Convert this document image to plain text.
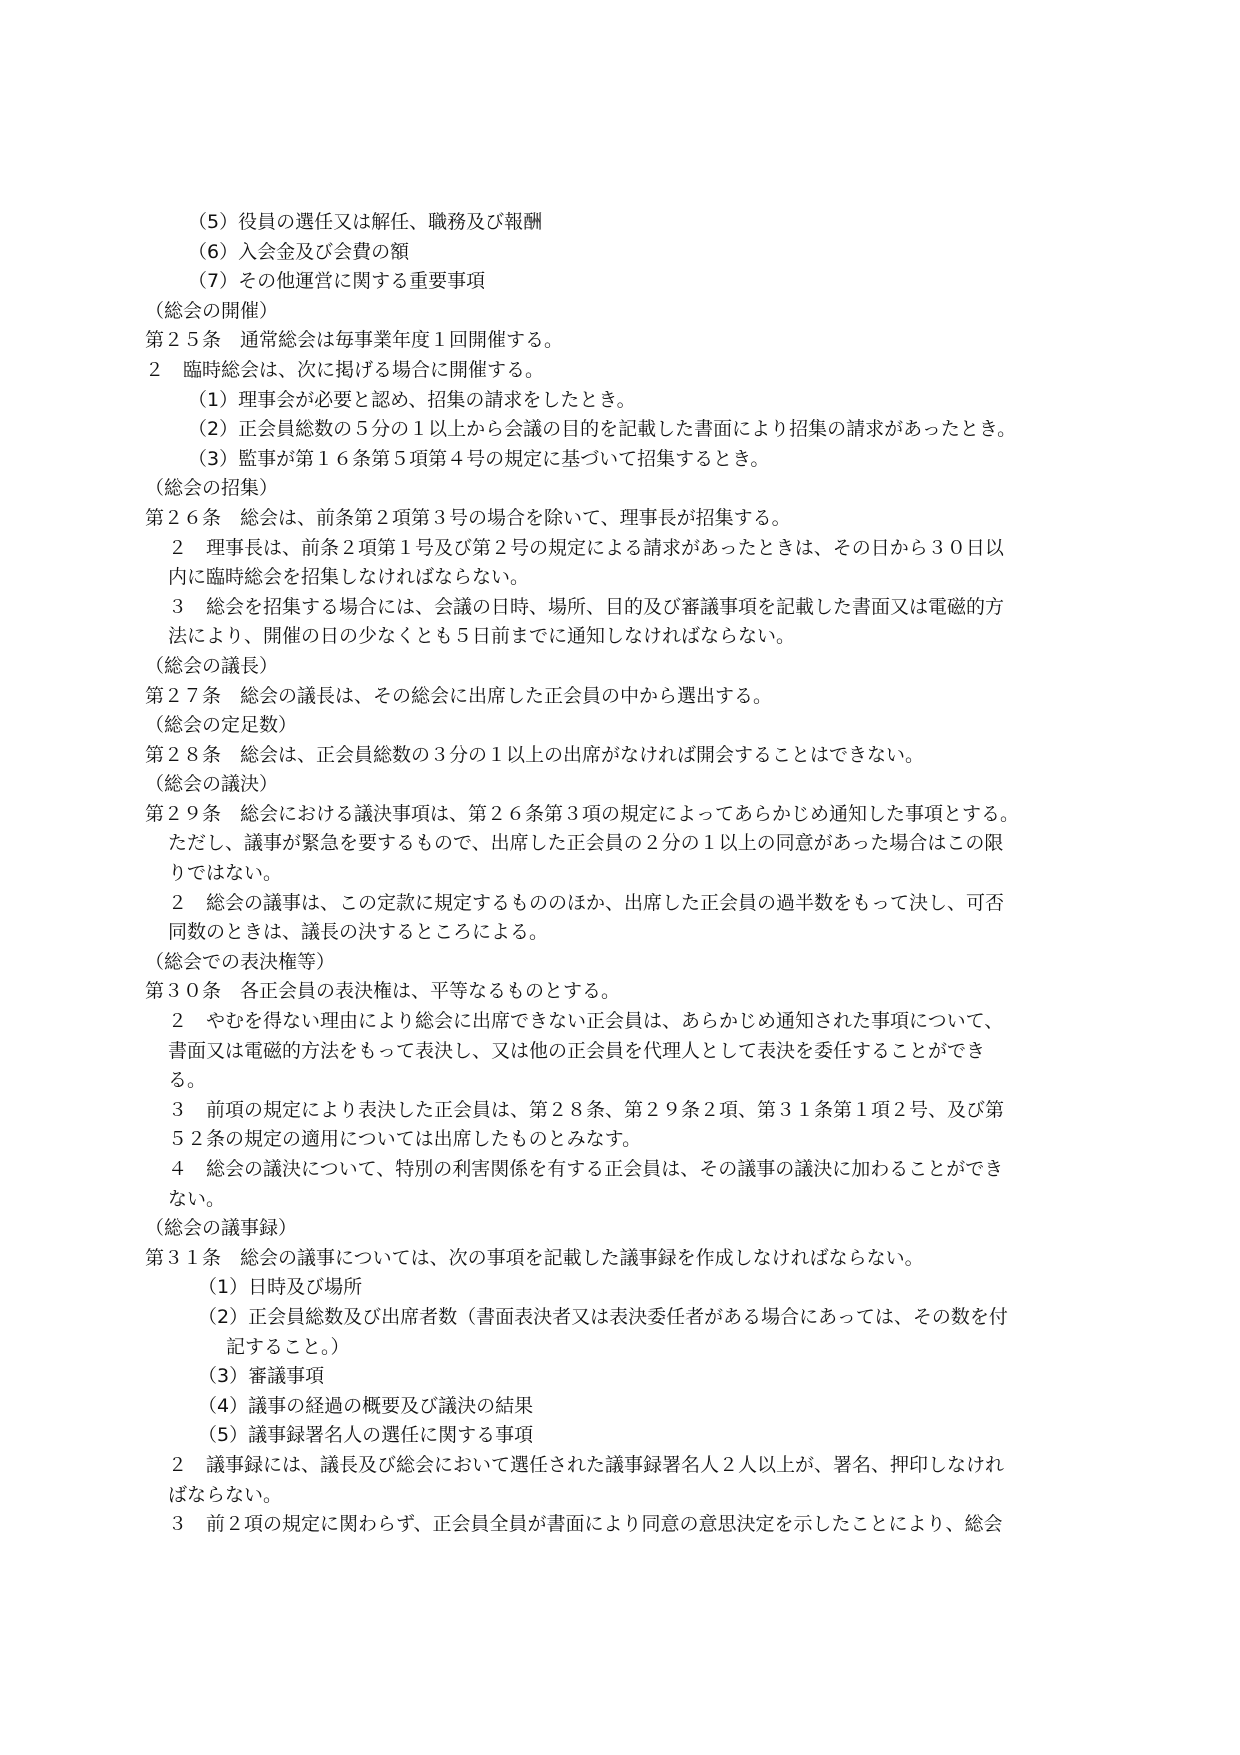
（5）役員の選任又は解任、職務及び報酬
（6）入会金及び会費の額
（7）その他運営に関する重要事項
（総会の開催）
第２５条　通常総会は毎事業年度１回開催する。
２　臨時総会は、次に掲げる場合に開催する。
（1）理事会が必要と認め、招集の請求をしたとき。
（2）正会員総数の５分の１以上から会議の目的を記載した書面により招集の請求があったとき。
（3）監事が第１６条第５項第４号の規定に基づいて招集するとき。
（総会の招集）
第２６条　総会は、前条第２項第３号の場合を除いて、理事長が招集する。
２　理事長は、前条２項第１号及び第２号の規定による請求があったときは、その日から３０日以
内に臨時総会を招集しなければならない。
３　総会を招集する場合には、会議の日時、場所、目的及び審議事項を記載した書面又は電磁的方
法により、開催の日の少なくとも５日前までに通知しなければならない。
（総会の議長）
第２７条　総会の議長は、その総会に出席した正会員の中から選出する。
（総会の定足数）
第２８条　総会は、正会員総数の３分の１以上の出席がなければ開会することはできない。
（総会の議決）
第２９条　総会における議決事項は、第２６条第３項の規定によってあらかじめ通知した事項とする。
ただし、議事が緊急を要するもので、出席した正会員の２分の１以上の同意があった場合はこの限
りではない。
２　総会の議事は、この定款に規定するもののほか、出席した正会員の過半数をもって決し、可否
同数のときは、議長の決するところによる。
（総会での表決権等）
第３０条　各正会員の表決権は、平等なるものとする。
２　やむを得ない理由により総会に出席できない正会員は、あらかじめ通知された事項について、
書面又は電磁的方法をもって表決し、又は他の正会員を代理人として表決を委任することができ
る。
３　前項の規定により表決した正会員は、第２８条、第２９条２項、第３１条第１項２号、及び第
５２条の規定の適用については出席したものとみなす。
４　総会の議決について、特別の利害関係を有する正会員は、その議事の議決に加わることができ
ない。
（総会の議事録）
第３１条　総会の議事については、次の事項を記載した議事録を作成しなければならない。
（1）日時及び場所
（2）正会員総数及び出席者数（書面表決者又は表決委任者がある場合にあっては、その数を付
記すること。）
（3）審議事項
（4）議事の経過の概要及び議決の結果
（5）議事録署名人の選任に関する事項
２　議事録には、議長及び総会において選任された議事録署名人２人以上が、署名、押印しなけれ
ばならない。
３　前２項の規定に関わらず、正会員全員が書面により同意の意思決定を示したことにより、総会
